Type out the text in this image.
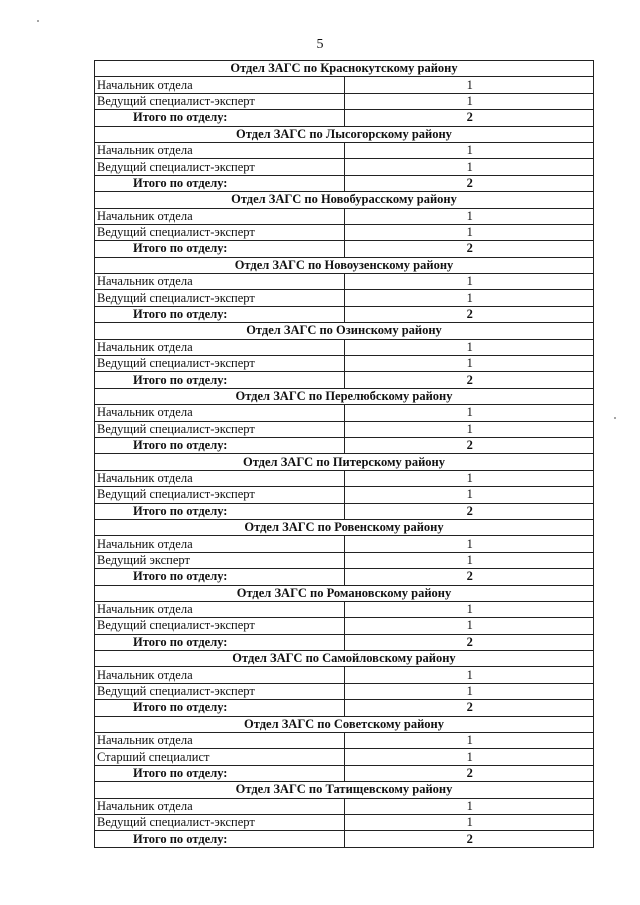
5
Отдел ЗАГС по Краснокутскому району	
Начальник отдела	1
Ведущий специалист-эксперт	1
Итого по отделу:	2
Отдел ЗАГС по Лысогорскому району	
Начальник отдела	1
Ведущий специалист-эксперт	1
Итого по отделу:	2
Отдел ЗАГС по Новобурасскому району	
Начальник отдела	1
Ведущий специалист-эксперт	1
Итого по отделу:	2
Отдел ЗАГС по Новоузенскому району	
Начальник отдела	1
Ведущий специалист-эксперт	1
Итого по отделу:	2
Отдел ЗАГС по Озинскому району	
Начальник отдела	1
Ведущий специалист-эксперт	1
Итого по отделу:	2
Отдел ЗАГС по Перелюбскому району	
Начальник отдела	1
Ведущий специалист-эксперт	1
Итого по отделу:	2
Отдел ЗАГС по Питерскому району	
Начальник отдела	1
Ведущий специалист-эксперт	1
Итого по отделу:	2
Отдел ЗАГС по Ровенскому району	
Начальник отдела	1
Ведущий эксперт	1
Итого по отделу:	2
Отдел ЗАГС по Романовскому району	
Начальник отдела	1
Ведущий специалист-эксперт	1
Итого по отделу:	2
Отдел ЗАГС по Самойловскому району	
Начальник отдела	1
Ведущий специалист-эксперт	1
Итого по отделу:	2
Отдел ЗАГС по Советскому району	
Начальник отдела	1
Старший специалист	1
Итого по отделу:	2
Отдел ЗАГС по Татищевскому району	
Начальник отдела	1
Ведущий специалист-эксперт	1
Итого по отделу:	2
